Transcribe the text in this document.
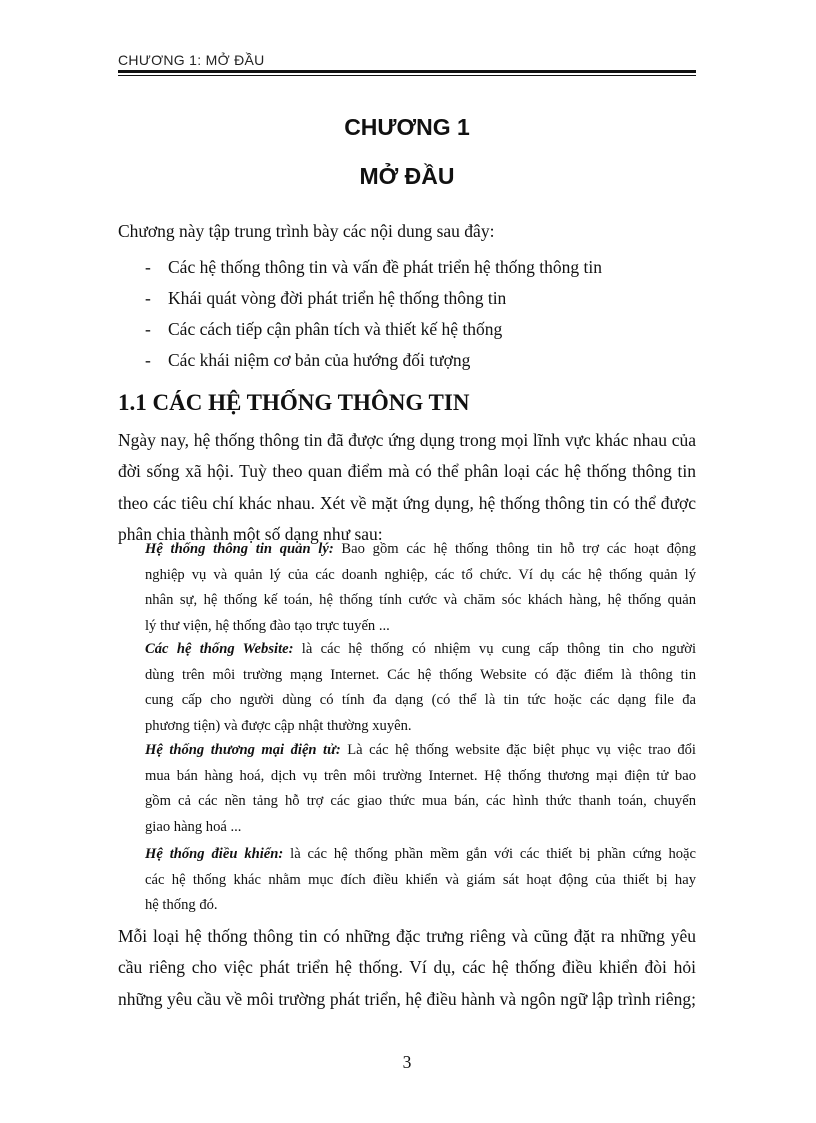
CHƯƠNG 1: MỞ ĐẦU
CHƯƠNG 1
MỞ ĐẦU
Chương này tập trung trình bày các nội dung sau đây:
- Các hệ thống thông tin và vấn đề phát triển hệ thống thông tin
- Khái quát vòng đời phát triển hệ thống thông tin
- Các cách tiếp cận phân tích và thiết kế hệ thống
- Các khái niệm cơ bản của hướng đối tượng
1.1 CÁC HỆ THỐNG THÔNG TIN
Ngày nay, hệ thống thông tin đã được ứng dụng trong mọi lĩnh vực khác nhau của
đời sống xã hội. Tuỳ theo quan điểm mà có thể phân loại các hệ thống thông tin
theo các tiêu chí khác nhau. Xét về mặt ứng dụng, hệ thống thông tin có thể được
phân chia thành một số dạng như sau:
Hệ thống thông tin quản lý: Bao gồm các hệ thống thông tin hỗ trợ các hoạt động
nghiệp vụ và quản lý của các doanh nghiệp, các tổ chức. Ví dụ các hệ thống quản lý
nhân sự, hệ thống kế toán, hệ thống tính cước và chăm sóc khách hàng, hệ thống quản
lý thư viện, hệ thống đào tạo trực tuyến ...
Các hệ thống Website: là các hệ thống có nhiệm vụ cung cấp thông tin cho người
dùng trên môi trường mạng Internet. Các hệ thống Website có đặc điểm là thông tin
cung cấp cho người dùng có tính đa dạng (có thể là tin tức hoặc các dạng file đa
phương tiện) và được cập nhật thường xuyên.
Hệ thống thương mại điện tử: Là các hệ thống website đặc biệt phục vụ việc trao đổi
mua bán hàng hoá, dịch vụ trên môi trường Internet. Hệ thống thương mại điện tử bao
gồm cả các nền tảng hỗ trợ các giao thức mua bán, các hình thức thanh toán, chuyển
giao hàng hoá ...
Hệ thống điều khiển: là các hệ thống phần mềm gắn với các thiết bị phần cứng hoặc
các hệ thống khác nhằm mục đích điều khiển và giám sát hoạt động của thiết bị hay
hệ thống đó.
Mỗi loại hệ thống thông tin có những đặc trưng riêng và cũng đặt ra những yêu
cầu riêng cho việc phát triển hệ thống. Ví dụ, các hệ thống điều khiển đòi hỏi
những yêu cầu về môi trường phát triển, hệ điều hành và ngôn ngữ lập trình riêng;
3
